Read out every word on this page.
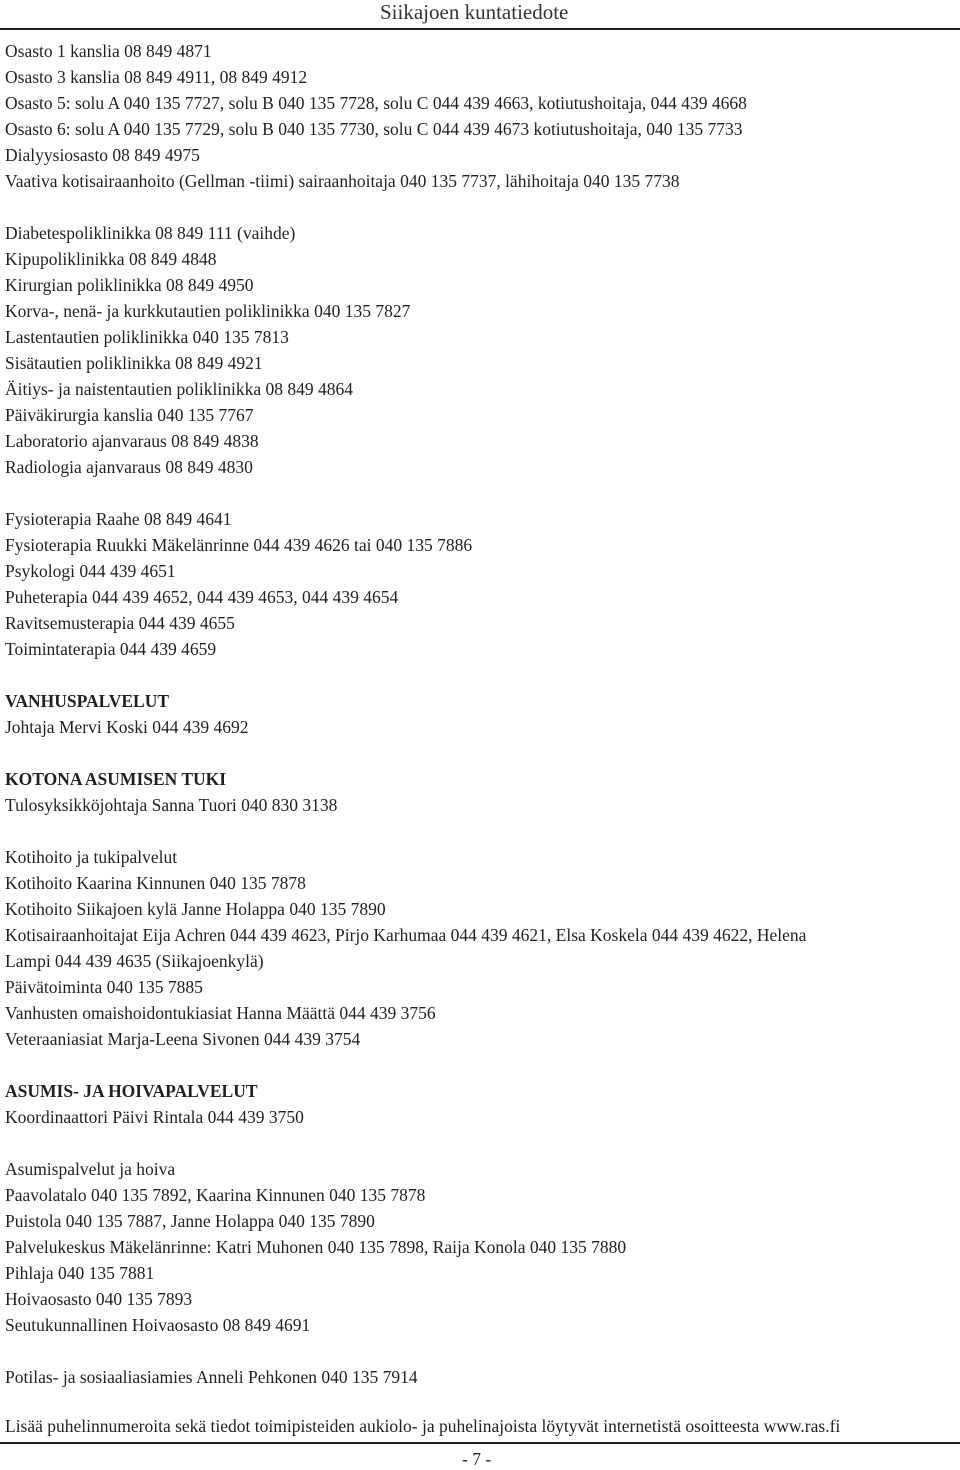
Siikajoen kuntatiedote
Osasto 1 kanslia 08 849 4871
Osasto 3 kanslia 08 849 4911, 08 849 4912
Osasto 5: solu A 040 135 7727, solu B 040 135 7728, solu C 044 439 4663, kotiutushoitaja, 044 439 4668
Osasto 6: solu A 040 135 7729, solu B 040 135 7730, solu C 044 439 4673 kotiutushoitaja, 040 135 7733
Dialyysiosasto 08 849 4975
Vaativa kotisairaanhoito (Gellman -tiimi) sairaanhoitaja 040 135 7737, lähihoitaja 040 135 7738
Diabetespoliklinikka 08 849 111 (vaihde)
Kipupoliklinikka 08 849 4848
Kirurgian poliklinikka 08 849 4950
Korva-, nenä- ja kurkkutautien poliklinikka 040 135 7827
Lastentautien poliklinikka 040 135 7813
Sisätautien poliklinikka 08 849 4921
Äitiys- ja naistentautien poliklinikka 08 849 4864
Päiväkirurgia kanslia 040 135 7767
Laboratorio ajanvaraus 08 849 4838
Radiologia ajanvaraus 08 849 4830
Fysioterapia Raahe 08 849 4641
Fysioterapia Ruukki Mäkelänrinne 044 439 4626 tai 040 135 7886
Psykologi 044 439 4651
Puheterapia 044 439 4652, 044 439 4653, 044 439 4654
Ravitsemusterapia 044 439 4655
Toimintaterapia 044 439 4659
VANHUSPALVELUT
Johtaja Mervi Koski 044 439 4692
KOTONA ASUMISEN TUKI
Tulosyksikköjohtaja Sanna Tuori 040 830 3138
Kotihoito ja tukipalvelut
Kotihoito Kaarina Kinnunen 040 135 7878
Kotihoito Siikajoen kylä Janne Holappa 040 135 7890
Kotisairaanhoitajat Eija Achren 044 439 4623, Pirjo Karhumaa 044 439 4621, Elsa Koskela 044 439 4622, Helena
Lampi 044 439 4635 (Siikajoenkylä)
Päivätoiminta 040 135 7885
Vanhusten omaishoidontukiasiat Hanna Määttä 044 439 3756
Veteraaniasiat Marja-Leena Sivonen 044 439 3754
ASUMIS- JA HOIVAPALVELUT
Koordinaattori Päivi Rintala 044 439 3750
Asumispalvelut ja hoiva
Paavolatalo 040 135 7892, Kaarina Kinnunen 040 135 7878
Puistola 040 135 7887, Janne Holappa 040 135 7890
Palvelukeskus Mäkelänrinne: Katri Muhonen 040 135 7898, Raija Konola 040 135 7880
Pihlaja 040 135 7881
Hoivaosasto 040 135 7893
Seutukunnallinen Hoivaosasto 08 849 4691
Potilas- ja sosiaaliasiamies Anneli Pehkonen 040 135 7914
Lisää puhelinnumeroita sekä tiedot toimipisteiden aukiolo- ja puhelinajoista löytyvät internetistä osoitteesta www.ras.fi
- 7 -
